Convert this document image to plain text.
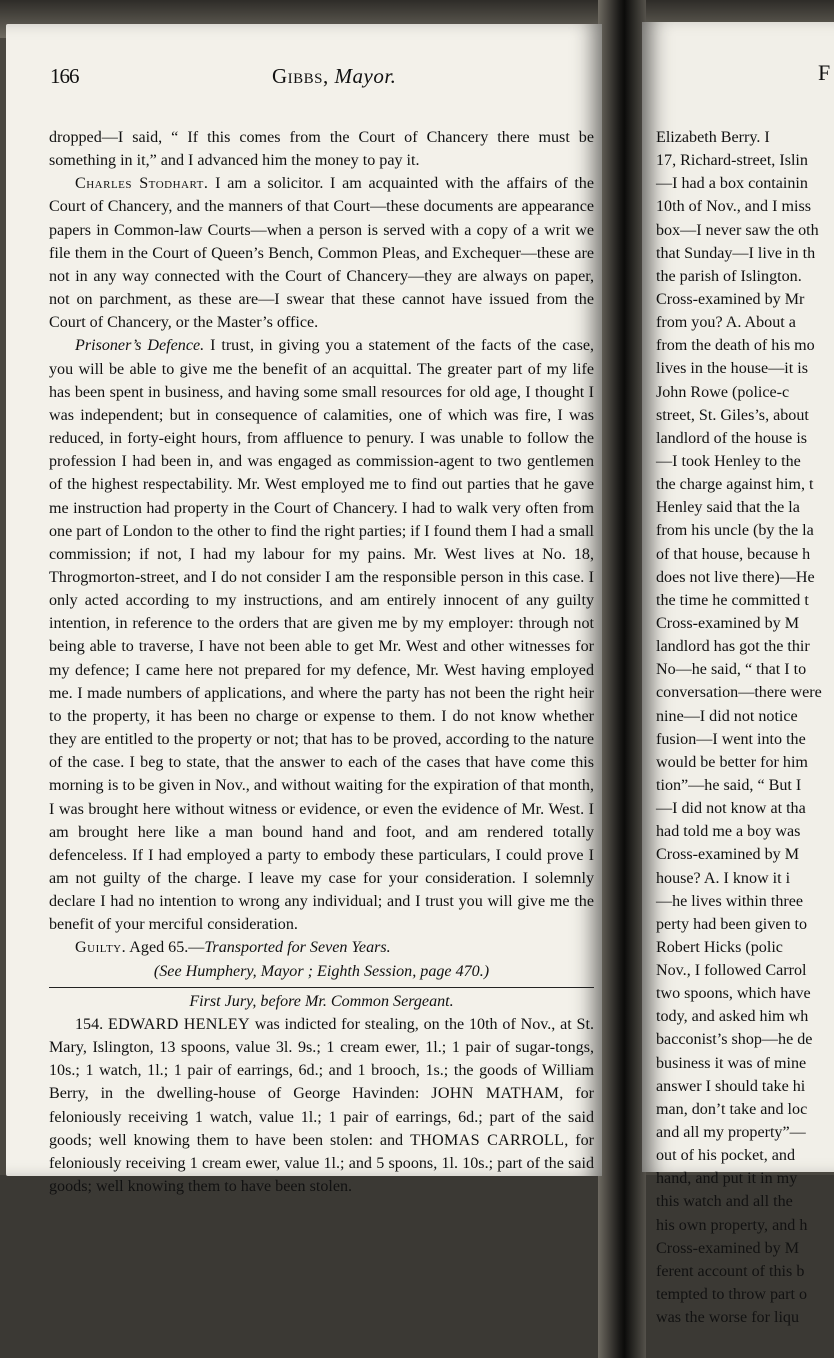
166	Gibbs, Mayor.

dropped—I said, “ If this comes from the Court of Chancery there must be something in it,” and I advanced him the money to pay it.

Charles Stodhart. I am a solicitor. I am acquainted with the affairs of the Court of Chancery, and the manners of that Court—these documents are appearance papers in Common-law Courts—when a person is served with a copy of a writ we file them in the Court of Queen’s Bench, Common Pleas, and Exchequer—these are not in any way connected with the Court of Chancery—they are always on paper, not on parchment, as these are—I swear that these cannot have issued from the Court of Chancery, or the Master’s office.

Prisoner’s Defence. I trust, in giving you a statement of the facts of the case, you will be able to give me the benefit of an acquittal. The greater part of my life has been spent in business, and having some small resources for old age, I thought I was independent; but in consequence of calamities, one of which was fire, I was reduced, in forty-eight hours, from affluence to penury. I was unable to follow the profession I had been in, and was engaged as commission-agent to two gentlemen of the highest respectability. Mr. West employed me to find out parties that he gave me instruction had property in the Court of Chancery. I had to walk very often from one part of London to the other to find the right parties; if I found them I had a small commission; if not, I had my labour for my pains. Mr. West lives at No. 18, Throgmorton-street, and I do not consider I am the responsible person in this case. I only acted according to my instructions, and am entirely innocent of any guilty intention, in reference to the orders that are given me by my employer: through not being able to traverse, I have not been able to get Mr. West and other witnesses for my defence; I came here not prepared for my defence, Mr. West having employed me. I made numbers of applications, and where the party has not been the right heir to the property, it has been no charge or expense to them. I do not know whether they are entitled to the property or not; that has to be proved, according to the nature of the case. I beg to state, that the answer to each of the cases that have come this morning is to be given in Nov., and without waiting for the expiration of that month, I was brought here without witness or evidence, or even the evidence of Mr. West. I am brought here like a man bound hand and foot, and am rendered totally defenceless. If I had employed a party to embody these particulars, I could prove I am not guilty of the charge. I leave my case for your consideration. I solemnly declare I had no intention to wrong any individual; and I trust you will give me the benefit of your merciful consideration.

Guilty. Aged 65.—Transported for Seven Years.

(See Humphery, Mayor ; Eighth Session, page 470.)

First Jury, before Mr. Common Sergeant.

154. EDWARD HENLEY was indicted for stealing, on the 10th of Nov., at St. Mary, Islington, 13 spoons, value 3l. 9s.; 1 cream ewer, 1l.; 1 pair of sugar-tongs, 10s.; 1 watch, 1l.; 1 pair of earrings, 6d.; and 1 brooch, 1s.; the goods of William Berry, in the dwelling-house of George Havinden: JOHN MATHAM, for feloniously receiving 1 watch, value 1l.; 1 pair of earrings, 6d.; part of the said goods; well knowing them to have been stolen: and THOMAS CARROLL, for feloniously receiving 1 cream ewer, value 1l.; and 5 spoons, 1l. 10s.; part of the said goods; well knowing them to have been stolen.

F
Elizabeth Berry. I
17, Richard-street, Islin
—I had a box containin
10th of Nov., and I miss
box—I never saw the oth
that Sunday—I live in th
the parish of Islington.
Cross-examined by Mr
from you? A. About a
from the death of his mo
lives in the house—it is
John Rowe (police-c
street, St. Giles’s, about
landlord of the house is
—I took Henley to the
the charge against him, t
Henley said that the la
from his uncle (by the la
of that house, because h
does not live there)—He
the time he committed t
Cross-examined by M
landlord has got the thir
No—he said, “ that I to
conversation—there were
nine—I did not notice
fusion—I went into the
would be better for him
tion”—he said, “ But I
—I did not know at tha
had told me a boy was
Cross-examined by M
house? A. I know it i
—he lives within three
perty had been given to
Robert Hicks (polic
Nov., I followed Carrol
two spoons, which have
tody, and asked him wh
bacconist’s shop—he de
business it was of mine
answer I should take hi
man, don’t take and loc
and all my property”—
out of his pocket, and
hand, and put it in my
this watch and all the
his own property, and h
Cross-examined by M
ferent account of this b
tempted to throw part o
was the worse for liqu
